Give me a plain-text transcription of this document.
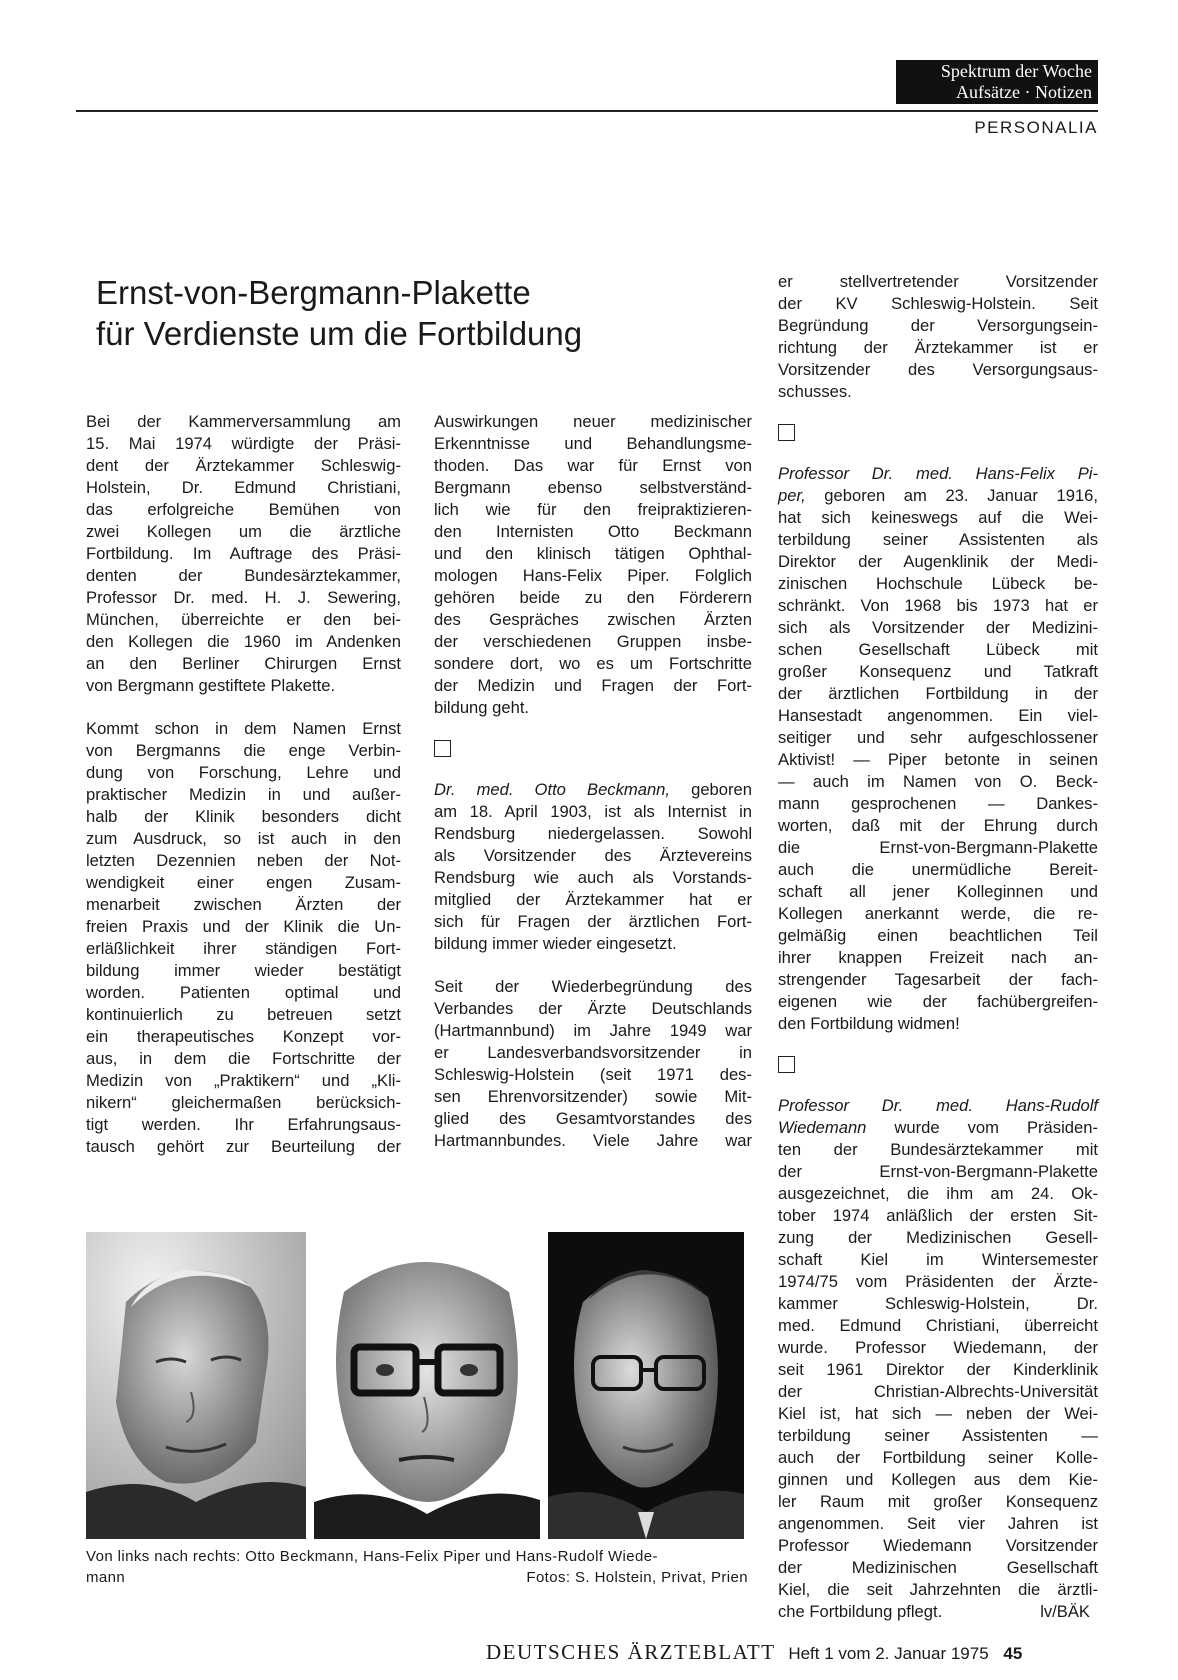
Spektrum der Woche
Aufsätze · Notizen
PERSONALIA
Ernst-von-Bergmann-Plakette
für Verdienste um die Fortbildung

Bei der Kammerversammlung am
15. Mai 1974 würdigte der Präsi-
dent der Ärztekammer Schleswig-
Holstein, Dr. Edmund Christiani,
das erfolgreiche Bemühen von
zwei Kollegen um die ärztliche
Fortbildung. Im Auftrage des Präsi-
denten der Bundesärztekammer,
Professor Dr. med. H. J. Sewering,
München, überreichte er den bei-
den Kollegen die 1960 im Andenken
an den Berliner Chirurgen Ernst
von Bergmann gestiftete Plakette.

Kommt schon in dem Namen Ernst
von Bergmanns die enge Verbin-
dung von Forschung, Lehre und
praktischer Medizin in und außer-
halb der Klinik besonders dicht
zum Ausdruck, so ist auch in den
letzten Dezennien neben der Not-
wendigkeit einer engen Zusam-
menarbeit zwischen Ärzten der
freien Praxis und der Klinik die Un-
erläßlichkeit ihrer ständigen Fort-
bildung immer wieder bestätigt
worden. Patienten optimal und
kontinuierlich zu betreuen setzt
ein therapeutisches Konzept vor-
aus, in dem die Fortschritte der
Medizin von „Praktikern“ und „Kli-
nikern“ gleichermaßen berücksich-
tigt werden. Ihr Erfahrungsaus-
tausch gehört zur Beurteilung der

Auswirkungen neuer medizinischer
Erkenntnisse und Behandlungsme-
thoden. Das war für Ernst von
Bergmann ebenso selbstverständ-
lich wie für den freipraktizieren-
den Internisten Otto Beckmann
und den klinisch tätigen Ophthal-
mologen Hans-Felix Piper. Folglich
gehören beide zu den Förderern
des Gespräches zwischen Ärzten
der verschiedenen Gruppen insbe-
sondere dort, wo es um Fortschritte
der Medizin und Fragen der Fort-
bildung geht.

Dr. med. Otto Beckmann, geboren
am 18. April 1903, ist als Internist in
Rendsburg niedergelassen. Sowohl
als Vorsitzender des Ärztevereins
Rendsburg wie auch als Vorstands-
mitglied der Ärztekammer hat er
sich für Fragen der ärztlichen Fort-
bildung immer wieder eingesetzt.

Seit der Wiederbegründung des
Verbandes der Ärzte Deutschlands
(Hartmannbund) im Jahre 1949 war
er Landesverbandsvorsitzender in
Schleswig-Holstein (seit 1971 des-
sen Ehrenvorsitzender) sowie Mit-
glied des Gesamtvorstandes des
Hartmannbundes. Viele Jahre war

er stellvertretender Vorsitzender
der KV Schleswig-Holstein. Seit
Begründung der Versorgungsein-
richtung der Ärztekammer ist er
Vorsitzender des Versorgungsaus-
schusses.

Professor Dr. med. Hans-Felix Pi-
per, geboren am 23. Januar 1916,
hat sich keineswegs auf die Wei-
terbildung seiner Assistenten als
Direktor der Augenklinik der Medi-
zinischen Hochschule Lübeck be-
schränkt. Von 1968 bis 1973 hat er
sich als Vorsitzender der Medizini-
schen Gesellschaft Lübeck mit
großer Konsequenz und Tatkraft
der ärztlichen Fortbildung in der
Hansestadt angenommen. Ein viel-
seitiger und sehr aufgeschlossener
Aktivist! — Piper betonte in seinen
— auch im Namen von O. Beck-
mann gesprochenen — Dankes-
worten, daß mit der Ehrung durch
die Ernst-von-Bergmann-Plakette
auch die unermüdliche Bereit-
schaft all jener Kolleginnen und
Kollegen anerkannt werde, die re-
gelmäßig einen beachtlichen Teil
ihrer knappen Freizeit nach an-
strengender Tagesarbeit der fach-
eigenen wie der fachübergreifen-
den Fortbildung widmen!

Professor Dr. med. Hans-Rudolf
Wiedemann wurde vom Präsiden-
ten der Bundesärztekammer mit
der Ernst-von-Bergmann-Plakette
ausgezeichnet, die ihm am 24. Ok-
tober 1974 anläßlich der ersten Sit-
zung der Medizinischen Gesell-
schaft Kiel im Wintersemester
1974/75 vom Präsidenten der Ärzte-
kammer Schleswig-Holstein, Dr.
med. Edmund Christiani, überreicht
wurde. Professor Wiedemann, der
seit 1961 Direktor der Kinderklinik
der Christian-Albrechts-Universität
Kiel ist, hat sich — neben der Wei-
terbildung seiner Assistenten —
auch der Fortbildung seiner Kolle-
ginnen und Kollegen aus dem Kie-
ler Raum mit großer Konsequenz
angenommen. Seit vier Jahren ist
Professor Wiedemann Vorsitzender
der Medizinischen Gesellschaft
Kiel, die seit Jahrzehnten die ärztli-
che Fortbildung pflegt.	lv/BÄK

Von links nach rechts: Otto Beckmann, Hans-Felix Piper und Hans-Rudolf Wiede-
mann	Fotos: S. Holstein, Privat, Prien
DEUTSCHES ÄRZTEBLATT Heft 1 vom 2. Januar 1975 45
